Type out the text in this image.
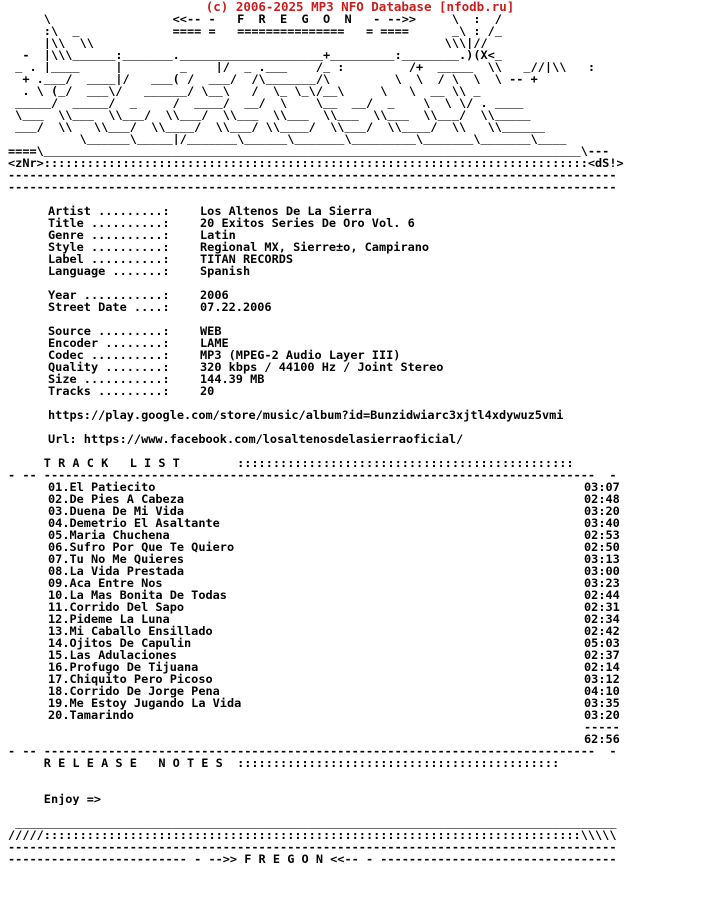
(c) 2006-2025 MP3 NFO Database [nfodb.ru]
\                 <<-- -   F  R  E  G  O  N   - -->>     \  :  /
:\  _             ==== =   ===============   = ====      _\ : /_
|\\  \\                                                 \\\|//
-  |\\\______:_______.____________________+_________:________.)(X<_
_ . |____     |        _    |/  _ .___    /_ :         /+  _____  \\   _//|\\   :
+ .___/  ____|/   ___( /  ___/  /\_______/\         \  \  / \  \  \ -- +
. \ (_/  ___\/   ______/ \__\   /  \_ \_\/__\     \   \  __ \\ _
_____/  _____/  _     /  ____/  __/  \    \__  __/  _    \  \ \/ . ____
\___  \\___  \\___/  \\___/  \\___  \\___  \\___  \\___  \\___/  \\_____
___/  \\   \\___/  \\____/  \\___/ \\____/  \\___/  \\____/  \\   \\______
\______\_____|/_______\______\_______\_________\_______\_______\____
====\___________________________________________________________________________\---
<zNr>::::::::::::::::::::::::::::::::::::::::::::::::::::::::::::::::::::::::::::<dS!>
-------------------------------------------------------------------------------------
-------------------------------------------------------------------------------------

Artist .........:	Los Altenos De La Sierra
Title ..........:	20 Exitos Series De Oro Vol. 6
Genre ..........:	Latin
Style ..........:	Regional MX, Sierre±o, Campirano
Label ..........:	TITAN RECORDS
Language .......:	Spanish

Year ...........:	2006
Street Date ....:	07.22.2006

Source .........:	WEB
Encoder ........:	LAME
Codec ..........:	MP3 (MPEG-2 Audio Layer III)
Quality ........:	320 kbps / 44100 Hz / Joint Stereo
Size ...........:	144.39 MB
Tracks .........:	20

https://play.google.com/store/music/album?id=Bunzidwiarc3xjtl4xdywuz5vmi

Url: https://www.facebook.com/losaltenosdelasierraoficial/

T R A C K   L I S T        :::::::::::::::::::::::::::::::::::::::::::::::
- -- -----------------------------------------------------------------------------  -
01.El Patiecito	03:07
02.De Pies A Cabeza	02:48
03.Duena De Mi Vida	03:20
04.Demetrio El Asaltante	03:40
05.Maria Chuchena	02:53
06.Sufro Por Que Te Quiero	02:50
07.Tu No Me Quieres	03:13
08.La Vida Prestada	03:00
09.Aca Entre Nos	03:23
10.La Mas Bonita De Todas	02:44
11.Corrido Del Sapo	02:31
12.Pideme La Luna	02:34
13.Mi Caballo Ensillado	02:42
14.Ojitos De Capulin	05:03
15.Las Adulaciones	02:37
16.Profugo De Tijuana	02:14
17.Chiquito Pero Picoso	03:12
18.Corrido De Jorge Pena	04:10
19.Me Estoy Jugando La Vida	03:35
20.Tamarindo	03:20
-----
62:56
- -- -----------------------------------------------------------------------------  -
R E L E A S E   N O T E S  :::::::::::::::::::::::::::::::::::::::::::::

Enjoy =>

____________________________________________________________________________________
/////:::::::::::::::::::::::::::::::::::::::::::::::::::::::::::::::::::::::::::\\\\\
-------------------------------------------------------------------------------------
------------------------- - -->> F R E G O N <<-- - ---------------------------------
